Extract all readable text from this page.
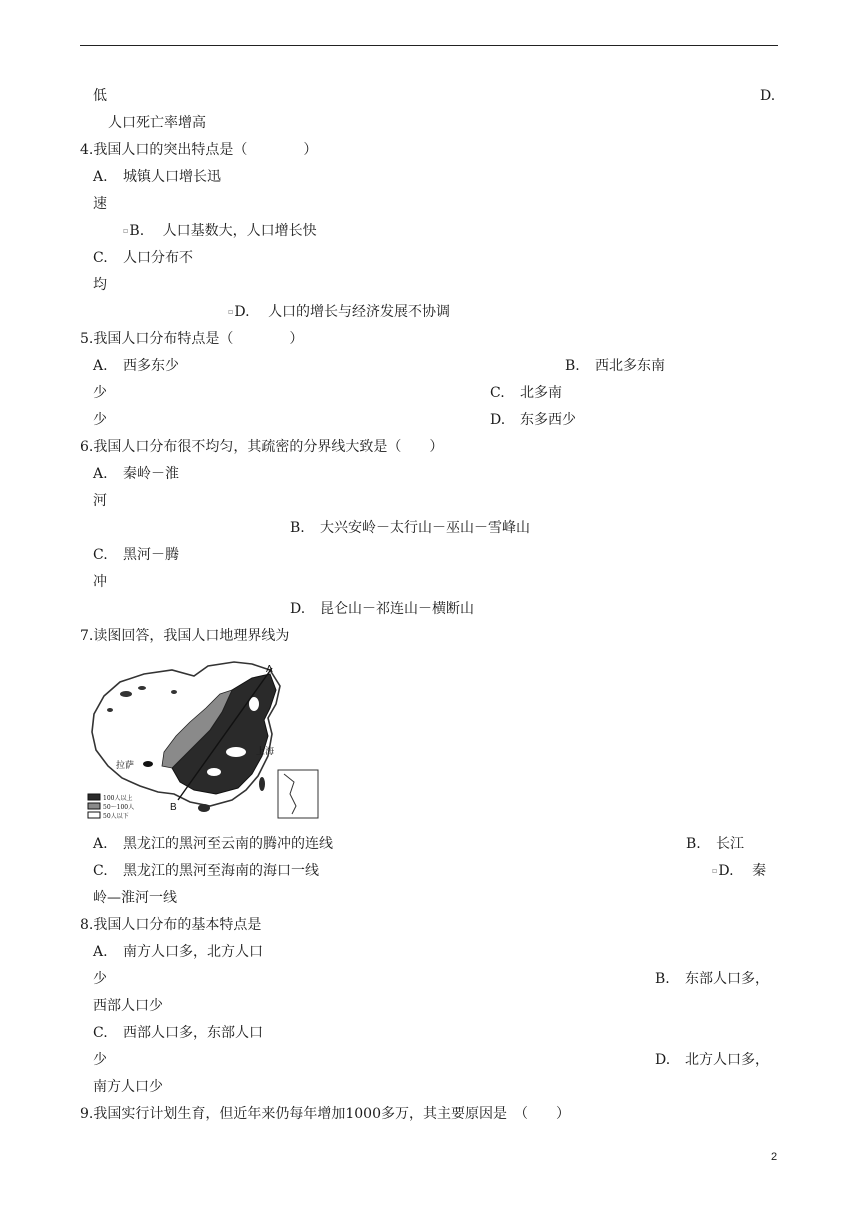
低	D.
人口死亡率增高
4.我国人口的突出特点是（　　　　）
A. 城镇人口增长迅
速
▫B.　 人口基数大，人口增长快
C. 人口分布不
均
▫D.　 人口的增长与经济发展不协调
5.我国人口分布特点是（　　　　）
A. 西多东少	B. 西北多东南
少	C. 北多南
少	D. 东多西少
6.我国人口分布很不均匀，其疏密的分界线大致是（　　）
A. 秦岭－淮
河
B. 大兴安岭－太行山－巫山－雪峰山
C. 黑河－腾
冲
D. 昆仑山－祁连山－横断山
7.读图回答，我国人口地理界线为
A
B
拉萨
上海
100人以上
50～100人
50人以下
A. 黑龙江的黑河至云南的腾冲的连线	B. 长江
C. 黑龙江的黑河至海南的海口一线	▫D.　 秦
岭—淮河一线
8.我国人口分布的基本特点是
A. 南方人口多，北方人口
少	B. 东部人口多，
西部人口少
C. 西部人口多，东部人口
少	D. 北方人口多，
南方人口少
9.我国实行计划生育，但近年来仍每年增加1000多万，其主要原因是　（　　）
2
